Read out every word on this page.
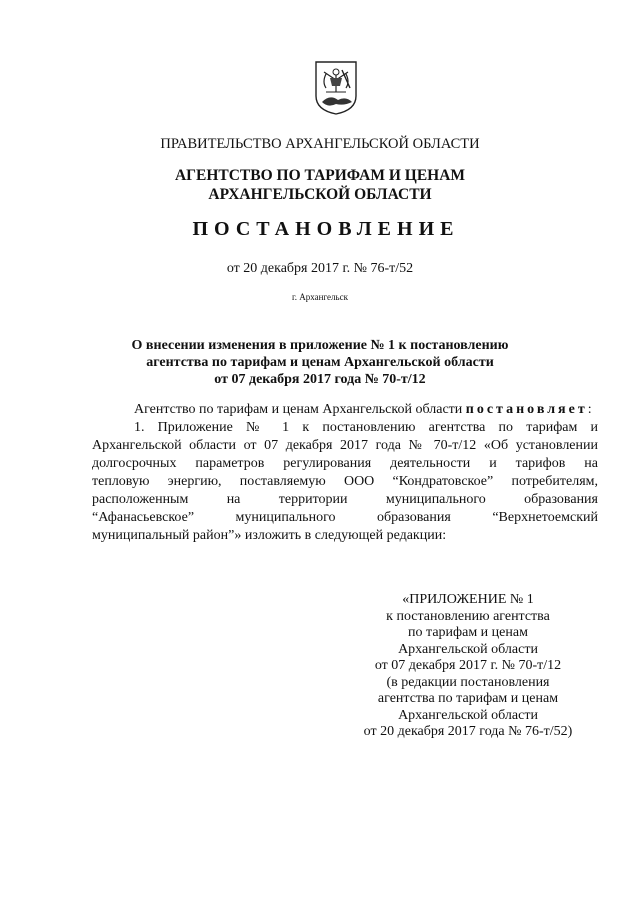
ПРАВИТЕЛЬСТВО АРХАНГЕЛЬСКОЙ ОБЛАСТИ
АГЕНТСТВО ПО ТАРИФАМ И ЦЕНАМ
АРХАНГЕЛЬСКОЙ ОБЛАСТИ
ПОСТАНОВЛЕНИЕ
от 20 декабря 2017 г. № 76-т/52
г. Архангельск
О внесении изменения в приложение № 1 к постановлению
агентства по тарифам и ценам Архангельской области
от 07 декабря 2017 года № 70-т/12
Агентство по тарифам и ценам Архангельской области постановляет:
1. Приложение № 1 к постановлению агентства по тарифам и
Архангельской области от 07 декабря 2017 года № 70-т/12 «Об установлении
долгосрочных параметров регулирования деятельности и тарифов на
тепловую энергию, поставляемую ООО “Кондратовское” потребителям,
расположенным на территории муниципального образования
“Афанасьевское” муниципального образования “Верхнетоемский
муниципальный район”» изложить в следующей редакции:
«ПРИЛОЖЕНИЕ № 1
к постановлению агентства
по тарифам и ценам
Архангельской области
от 07 декабря 2017 г. № 70-т/12
(в редакции постановления
агентства по тарифам и ценам
Архангельской области
от 20 декабря 2017 года № 76-т/52)
